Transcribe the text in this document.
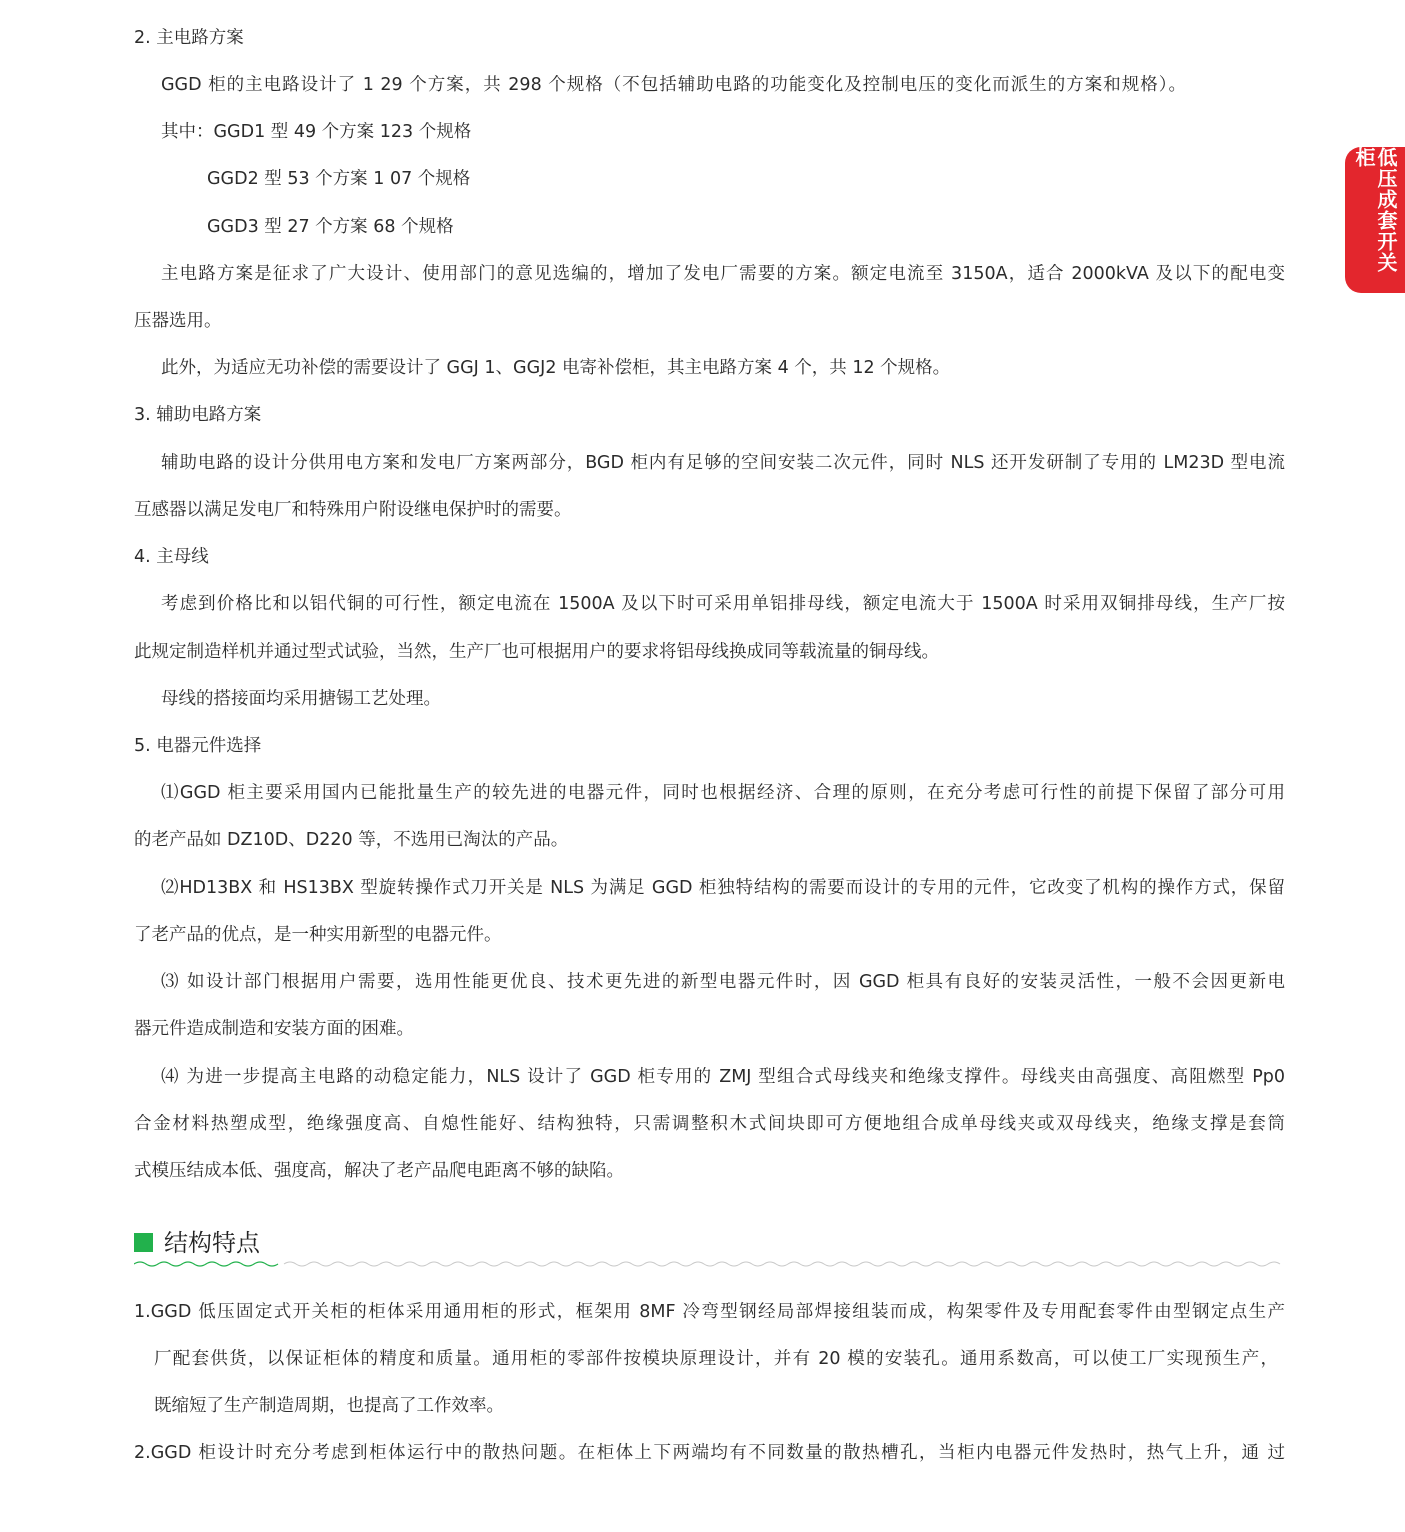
2. 主电路方案
GGD 柜的主电路设计了 1 29 个方案，共 298 个规格（不包括辅助电路的功能变化及控制电压的变化而派生的方案和规格）。
其中：GGD1 型 49 个方案 123 个规格
GGD2 型 53 个方案 1 07 个规格
GGD3 型 27 个方案 68 个规格
主电路方案是征求了广大设计、使用部门的意见选编的，增加了发电厂需要的方案。额定电流至 3150A，适合 2000kVA 及以下的配电变
压器选用。
此外，为适应无功补偿的需要设计了 GGJ 1、GGJ2 电寄补偿柜，其主电路方案 4 个，共 12 个规格。
3. 辅助电路方案
辅助电路的设计分供用电方案和发电厂方案两部分，BGD 柜内有足够的空间安装二次元件，同时 NLS 还开发研制了专用的 LM23D 型电流
互感器以满足发电厂和特殊用户附设继电保护时的需要。
4. 主母线
考虑到价格比和以铝代铜的可行性，额定电流在 1500A 及以下时可采用单铝排母线，额定电流大于 1500A 时采用双铜排母线，生产厂按
此规定制造样机并通过型式试验，当然，生产厂也可根据用户的要求将铝母线换成同等载流量的铜母线。
母线的搭接面均采用搪锡工艺处理。
5. 电器元件选择
⑴GGD 柜主要采用国内已能批量生产的较先进的电器元件，同时也根据经济、合理的原则，在充分考虑可行性的前提下保留了部分可用
的老产品如 DZ10D、D220 等，不选用已淘汰的产品。
⑵HD13BX 和 HS13BX 型旋转操作式刀开关是 NLS 为满足 GGD 柜独特结构的需要而设计的专用的元件，它改变了机构的操作方式，保留
了老产品的优点，是一种实用新型的电器元件。
⑶ 如设计部门根据用户需要，选用性能更优良、技术更先进的新型电器元件时，因 GGD 柜具有良好的安装灵活性，一般不会因更新电
器元件造成制造和安装方面的困难。
⑷ 为进一步提高主电路的动稳定能力，NLS 设计了 GGD 柜专用的 ZMJ 型组合式母线夹和绝缘支撑件。母线夹由高强度、高阻燃型 Pp0
合金材料热塑成型，绝缘强度高、自熄性能好、结构独特，只需调整积木式间块即可方便地组合成单母线夹或双母线夹，绝缘支撑是套筒
式模压结成本低、强度高，解决了老产品爬电距离不够的缺陷。
结构特点
1.GGD 低压固定式开关柜的柜体采用通用柜的形式，框架用 8MF 冷弯型钢经局部焊接组装而成，构架零件及专用配套零件由型钢定点生产
厂配套供货，以保证柜体的精度和质量。通用柜的零部件按模块原理设计，并有 20 模的安装孔。通用系数高，可以使工厂实现预生产，
既缩短了生产制造周期，也提高了工作效率。
2.GGD 柜设计时充分考虑到柜体运行中的散热问题。在柜体上下两端均有不同数量的散热槽孔，当柜内电器元件发热时，热气上升，通 过
低压成套开关柜
